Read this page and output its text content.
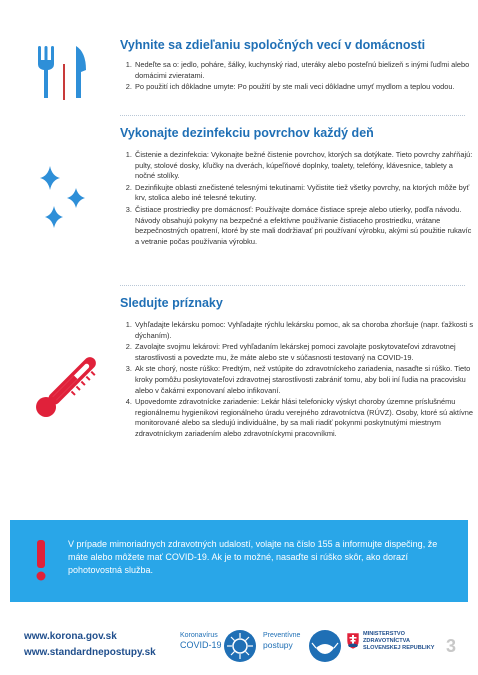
Vyhnite sa zdieľaniu spoločných vecí v domácnosti
1. Nedeľte sa o: jedlo, poháre, šálky, kuchynský riad, uteráky alebo posteľnú bielizeň s inými ľuďmi alebo domácimi zvieratami.
2. Po použití ich dôkladne umyte: Po použití by ste mali veci dôkladne umyť mydlom a teplou vodou.
Vykonajte dezinfekciu povrchov každý deň
1. Čistenie a dezinfekcia: Vykonajte bežné čistenie povrchov, ktorých sa dotýkate. Tieto povrchy zahŕňajú: pulty, stolové dosky, kľučky na dverách, kúpeľňové doplnky, toalety, telefóny, klávesnice, tablety a nočné stolíky.
2. Dezinfikujte oblasti znečistené telesnými tekutinami: Vyčistite tiež všetky povrchy, na ktorých môže byť krv, stolica alebo iné telesné tekutiny.
3. Čistiace prostriedky pre domácnosť: Používajte domáce čistiace spreje alebo utierky, podľa návodu. Návody obsahujú pokyny na bezpečné a efektívne používanie čistiaceho prostriedku, vrátane bezpečnostných opatrení, ktoré by ste mali dodržiavať pri používaní výrobku, akými sú použitie rukavíc a vetranie počas používania výrobku.
Sledujte príznaky
1. Vyhľadajte lekársku pomoc: Vyhľadajte rýchlu lekársku pomoc, ak sa choroba zhoršuje (napr. ťažkosti s dýchaním).
2. Zavolajte svojmu lekárovi: Pred vyhľadaním lekárskej pomoci zavolajte poskytovateľovi zdravotnej starostlivosti a povedzte mu, že máte alebo ste v súčasnosti testovaný na COVID-19.
3. Ak ste chorý, noste rúško: Predtým, než vstúpite do zdravotníckeho zariadenia, nasaďte si rúško. Tieto kroky pomôžu poskytovateľovi zdravotnej starostlivosti zabrániť tomu, aby boli iní ľudia na pracovisku alebo v čakárni exponovaní alebo infikovaní.
4. Upovedomte zdravotnícke zariadenie: Lekár hlási telefonicky výskyt choroby územne príslušnému regionálnemu hygienikovi regionálneho úradu verejného zdravotníctva (RÚVZ). Osoby, ktoré sú aktívne monitorované alebo sa sledujú individuálne, by sa mali riadiť pokynmi poskytnutými miestnym zdravotníckym zariadením alebo zdravotníckymi pracovníkmi.
V prípade mimoriadnych zdravotných udalostí, volajte na číslo 155 a informujte dispečing, že máte alebo môžete mať COVID-19. Ak je to možné, nasaďte si rúško skôr, ako dorazí pohotovostná služba.
www.korona.gov.sk
www.standardnepostupy.sk
Koronavírus
COVID-19
Preventívne
postupy
MINISTERSTVO
ZDRAVOTNÍCTVA
SLOVENSKEJ REPUBLIKY 3
